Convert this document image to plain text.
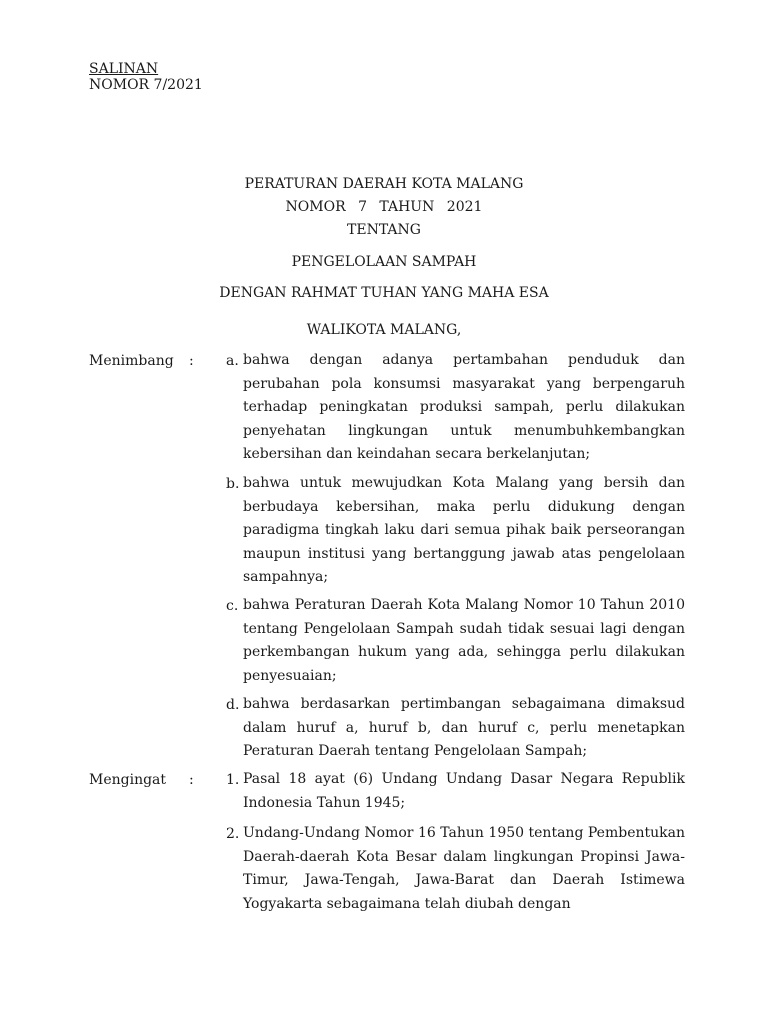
SALINAN
NOMOR 7/2021
PERATURAN DAERAH KOTA MALANG
NOMOR 7 TAHUN 2021
TENTANG
PENGELOLAAN SAMPAH
DENGAN RAHMAT TUHAN YANG MAHA ESA
WALIKOTA MALANG,
Menimbang : a. bahwa dengan adanya pertambahan penduduk dan perubahan pola konsumsi masyarakat yang berpengaruh terhadap peningkatan produksi sampah, perlu dilakukan penyehatan lingkungan untuk menumbuhkembangkan kebersihan dan keindahan secara berkelanjutan;

b. bahwa untuk mewujudkan Kota Malang yang bersih dan berbudaya kebersihan, maka perlu didukung dengan paradigma tingkah laku dari semua pihak baik perseorangan maupun institusi yang bertanggung jawab atas pengelolaan sampahnya;

c. bahwa Peraturan Daerah Kota Malang Nomor 10 Tahun 2010 tentang Pengelolaan Sampah sudah tidak sesuai lagi dengan perkembangan hukum yang ada, sehingga perlu dilakukan penyesuaian;

d. bahwa berdasarkan pertimbangan sebagaimana dimaksud dalam huruf a, huruf b, dan huruf c, perlu menetapkan Peraturan Daerah tentang Pengelolaan Sampah;

Mengingat : 1. Pasal 18 ayat (6) Undang Undang Dasar Negara Republik Indonesia Tahun 1945;

2. Undang-Undang Nomor 16 Tahun 1950 tentang Pembentukan Daerah-daerah Kota Besar dalam lingkungan Propinsi Jawa-Timur, Jawa-Tengah, Jawa-Barat dan Daerah Istimewa Yogyakarta sebagaimana telah diubah dengan
